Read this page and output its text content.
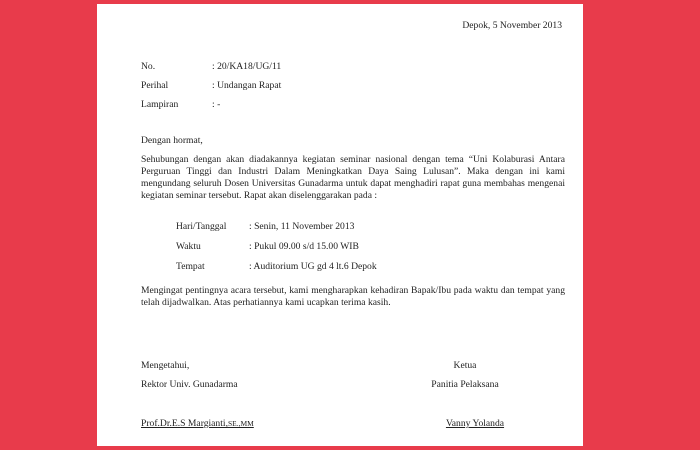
Depok, 5 November 2013
No.	: 20/KA18/UG/11
Perihal	: Undangan Rapat
Lampiran	: -
Dengan hormat,
Sehubungan dengan akan diadakannya kegiatan seminar nasional dengan tema “Uni Kolaburasi Antara Perguruan Tinggi dan Industri Dalam Meningkatkan Daya Saing Lulusan”. Maka dengan ini kami mengundang seluruh Dosen Universitas Gunadarma untuk dapat menghadiri rapat guna membahas mengenai kegiatan seminar tersebut. Rapat akan diselenggarakan pada :
Hari/Tanggal : Senin, 11 November 2013
Waktu	: Pukul 09.00 s/d 15.00 WIB
Tempat	: Auditorium UG gd 4 lt.6 Depok
Mengingat pentingnya acara tersebut, kami mengharapkan kehadiran Bapak/Ibu pada waktu dan tempat yang telah dijadwalkan. Atas perhatiannya kami ucapkan terima kasih.
Mengetahui,	Ketua
Rektor Univ. Gunadarma	Panitia Pelaksana
Prof.Dr.E.S Margianti,SE.,MM	Vanny Yolanda
